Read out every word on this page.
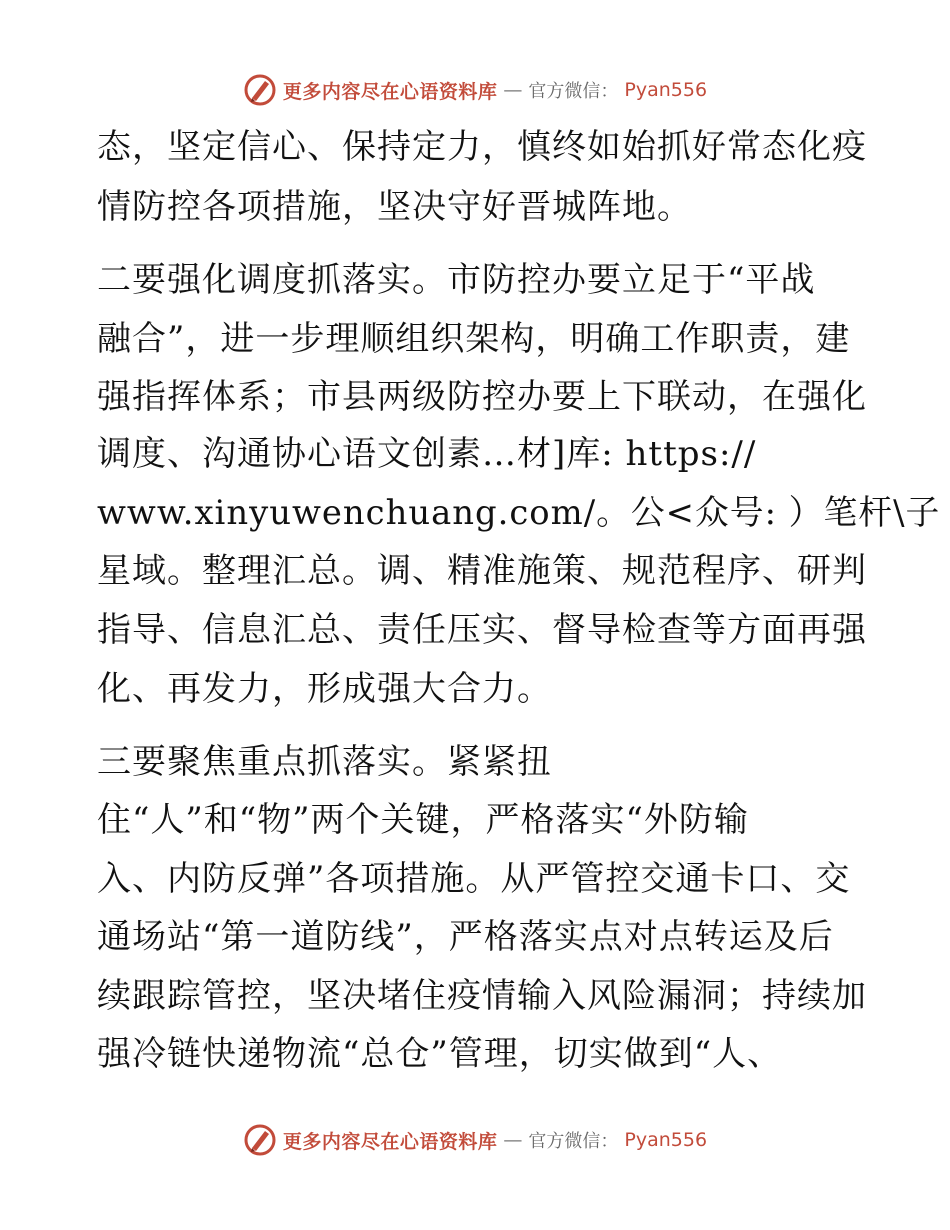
更多内容尽在心语资料库 — 官方微信： Pyan556
态，坚定信心、保持定力，慎终如始抓好常态化疫
情防控各项措施，坚决守好晋城阵地。
二要强化调度抓落实。市防控办要立足于“平战
融合”，进一步理顺组织架构，明确工作职责，建
强指挥体系；市县两级防控办要上下联动，在强化
调度、沟通协心语文创素…材]库: https://
www.xinyuwenchuang.com/。公<众号: ）笔杆\子
星域。整理汇总。调、精准施策、规范程序、研判
指导、信息汇总、责任压实、督导检查等方面再强
化、再发力，形成强大合力。
三要聚焦重点抓落实。紧紧扭
住“人”和“物”两个关键，严格落实“外防输
入、内防反弹”各项措施。从严管控交通卡口、交
通场站“第一道防线”，严格落实点对点转运及后
续跟踪管控，坚决堵住疫情输入风险漏洞；持续加
强冷链快递物流“总仓”管理，切实做到“人、
更多内容尽在心语资料库 — 官方微信： Pyan556
